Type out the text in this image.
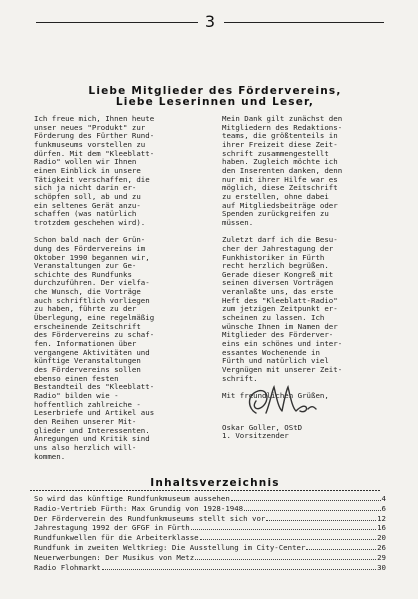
3
Liebe Mitglieder des Fördervereins,
Liebe Leserinnen und Leser,
Ich freue mich, Ihnen heute
unser neues "Produkt" zur
Förderung des Fürther Rund-
funkmuseums vorstellen zu
dürfen. Mit dem "Kleeblatt-
Radio" wollen wir Ihnen
einen Einblick in unsere
Tätigkeit verschaffen, die
sich ja nicht darin er-
schöpfen soll, ab und zu
ein seltenes Gerät anzu-
schaffen (was natürlich
trotzdem geschehen wird).

Schon bald nach der Grün-
dung des Fördervereins im
Oktober 1990 begannen wir,
Veranstaltungen zur Ge-
schichte des Rundfunks
durchzuführen. Der vielfa-
che Wunsch, die Vorträge
auch schriftlich vorliegen
zu haben, führte zu der
Überlegung, eine regelmäßig
erscheinende Zeitschrift
des Fördervereins zu schaf-
fen. Informationen über
vergangene Aktivitäten und
künftige Veranstaltungen
des Fördervereins sollen
ebenso einen festen
Bestandteil des "Kleeblatt-
Radio" bilden wie -
hoffentlich zahlreiche -
Leserbriefe und Artikel aus
den Reihen unserer Mit-
glieder und Interessenten.
Anregungen und Kritik sind
uns also herzlich will-
kommen.
Mein Dank gilt zunächst den
Mitgliedern des Redaktions-
teams, die größtenteils in
ihrer Freizeit diese Zeit-
schrift zusammengestellt
haben. Zugleich möchte ich
den Inserenten danken, denn
nur mit ihrer Hilfe war es
möglich, diese Zeitschrift
zu erstellen, ohne dabei
auf Mitgliedsbeiträge oder
Spenden zurückgreifen zu
müssen.

Zuletzt darf ich die Besu-
cher der Jahrestagung der
Funkhistoriker in Fürth
recht herzlich begrüßen.
Gerade dieser Kongreß mit
seinen diversen Vorträgen
veranlaßte uns, das erste
Heft des "Kleeblatt-Radio"
zum jetzigen Zeitpunkt er-
scheinen zu lassen. Ich
wünsche Ihnen im Namen der
Mitglieder des Förderver-
eins ein schönes und inter-
essantes Wochenende in
Fürth und natürlich viel
Vergnügen mit unserer Zeit-
schrift.

Mit freundlichen Grüßen,
Oskar Goller, OStD
1. Vorsitzender
Inhaltsverzeichnis
So wird das künftige Rundfunkmuseum aussehen	4
Radio-Vertrieb Fürth: Max Grundig von 1928-1948	6
Der Förderverein des Rundfunkmuseums stellt sich vor	12
Jahrestagung 1992 der GFGF in Fürth	16
Rundfunkwellen für die Arbeiterklasse	20
Rundfunk im zweiten Weltkrieg: Die Ausstellung im City-Center	26
Neuerwerbungen: Der Musikus von Metz	29
Radio Flohmarkt	30
